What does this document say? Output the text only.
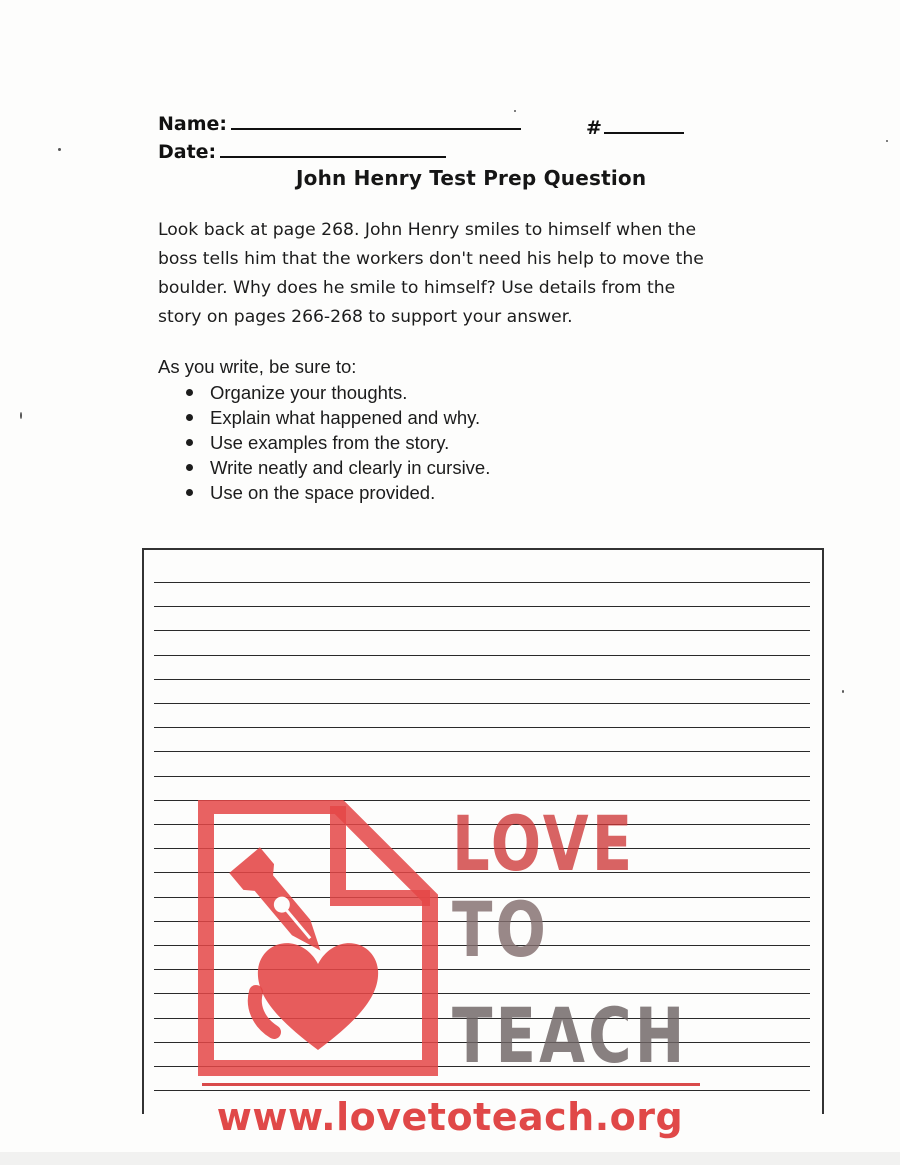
Name:	#
Date:
John Henry Test Prep Question
Look back at page 268. John Henry smiles to himself when the
boss tells him that the workers don't need his help to move the
boulder. Why does he smile to himself? Use details from the
story on pages 266-268 to support your answer.
As you write, be sure to:
Organize your thoughts.
Explain what happened and why.
Use examples from the story.
Write neatly and clearly in cursive.
Use on the space provided.
LOVE
TO
TEACH
www.lovetoteach.org
